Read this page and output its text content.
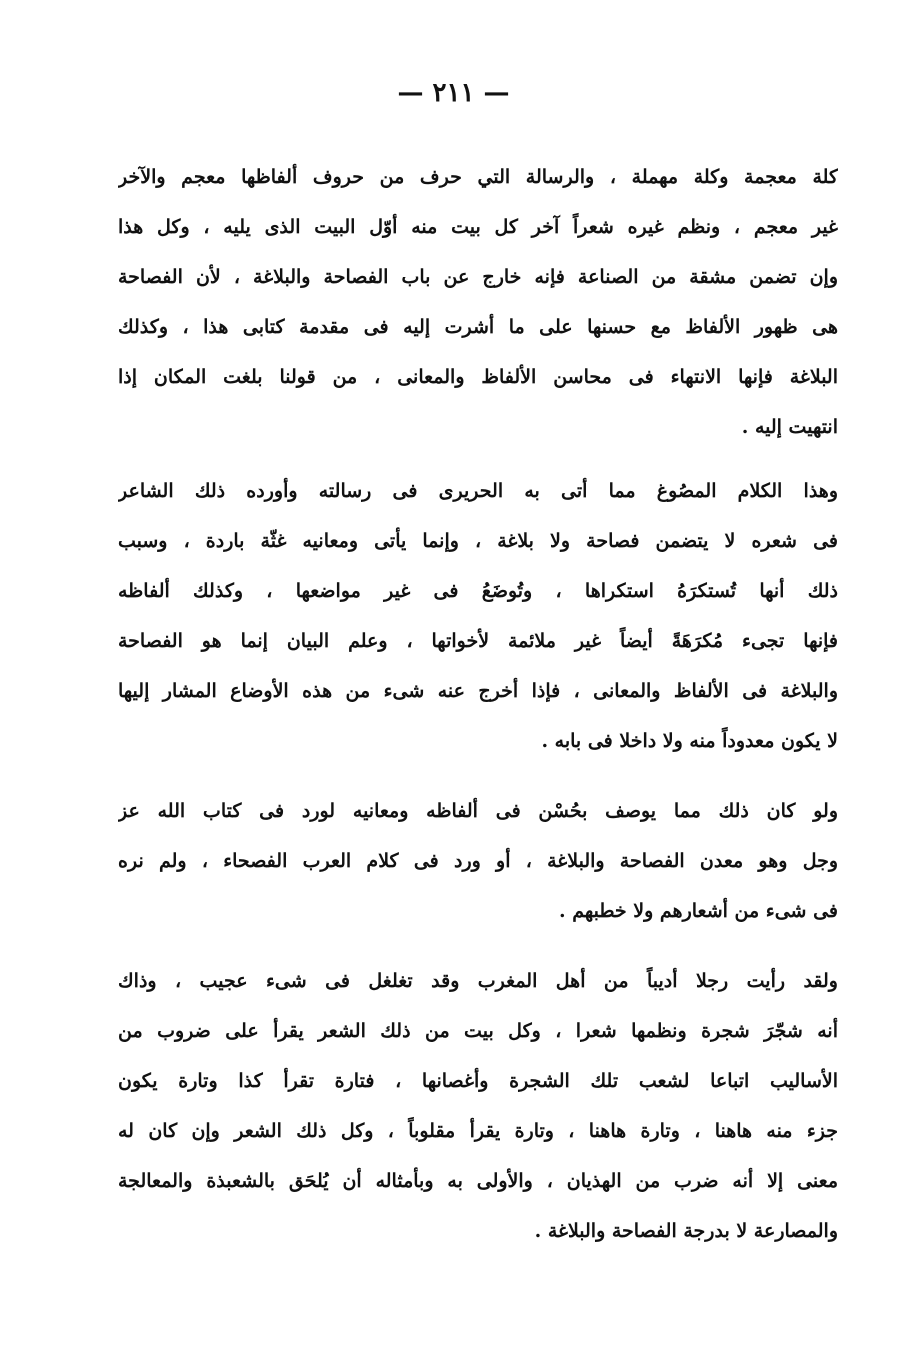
— ٢١١ —
كلة معجمة وكلة مهملة ، والرسالة التي حرف من حروف ألفاظها معجم والآخر
غير معجم ، ونظم غيره شعراً آخر كل بيت منه أوّل البيت الذى يليه ، وكل هذا
وإن تضمن مشقة من الصناعة فإنه خارج عن باب الفصاحة والبلاغة ، لأن الفصاحة
هى ظهور الألفاظ مع حسنها على ما أشرت إليه فى مقدمة كتابى هذا ، وكذلك
البلاغة فإنها الانتهاء فى محاسن الألفاظ والمعانى ، من قولنا بلغت المكان إذا
انتهيت إليه .
وهذا الكلام المصُوغ مما أتى به الحريرى فى رسالته وأورده ذلك الشاعر
فى شعره لا يتضمن فصاحة ولا بلاغة ، وإنما يأتى ومعانيه غثّة باردة ، وسبب
ذلك أنها تُستكرَهُ استكراها ، وتُوضَعُ فى غير مواضعها ، وكذلك ألفاظه
فإنها تجىء مُكرَهَةً أيضاً غير ملائمة لأخواتها ، وعلم البيان إنما هو الفصاحة
والبلاغة فى الألفاظ والمعانى ، فإذا أخرج عنه شىء من هذه الأوضاع المشار إليها
لا يكون معدوداً منه ولا داخلا فى بابه .
ولو كان ذلك مما يوصف بحُسْن فى ألفاظه ومعانيه لورد فى كتاب الله عز
وجل وهو معدن الفصاحة والبلاغة ، أو ورد فى كلام العرب الفصحاء ، ولم نره
فى شىء من أشعارهم ولا خطبهم .
ولقد رأيت رجلا أديباً من أهل المغرب وقد تغلغل فى شىء عجيب ، وذاك
أنه شجّرَ شجرة ونظمها شعرا ، وكل بيت من ذلك الشعر يقرأ على ضروب من
الأساليب اتباعا لشعب تلك الشجرة وأغصانها ، فتارة تقرأ كذا وتارة يكون
جزء منه هاهنا ، وتارة هاهنا ، وتارة يقرأ مقلوباً ، وكل ذلك الشعر وإن كان له
معنى إلا أنه ضرب من الهذيان ، والأولى به وبأمثاله أن يُلحَق بالشعبذة والمعالجة
والمصارعة لا بدرجة الفصاحة والبلاغة .
